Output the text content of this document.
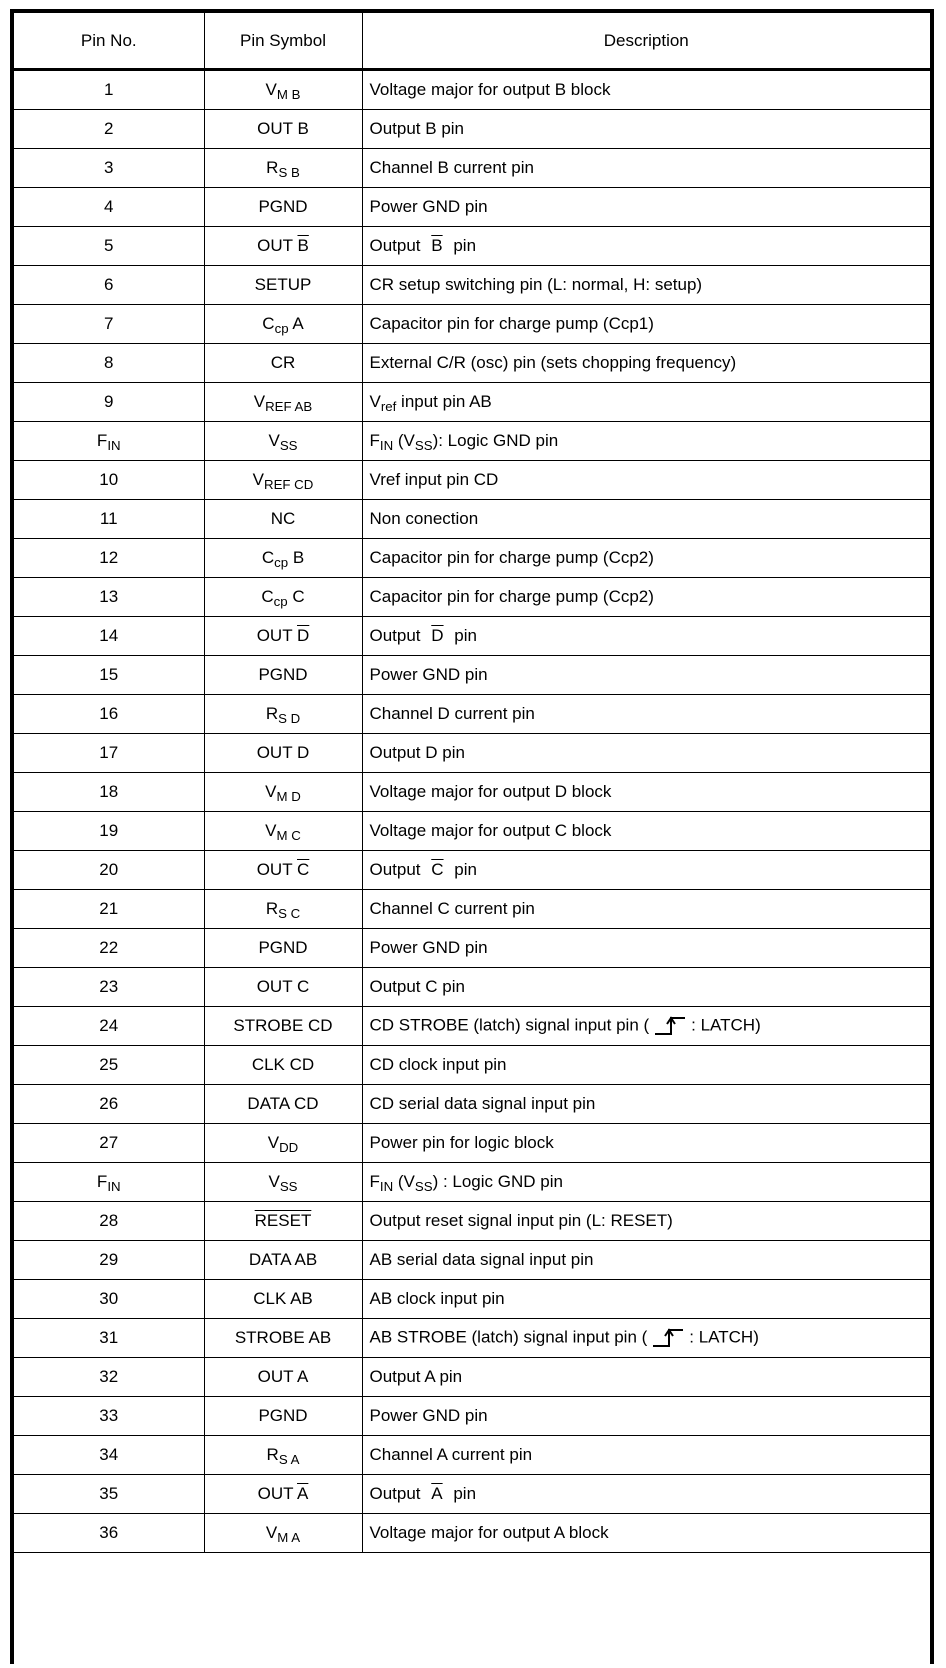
Pin No.	Pin Symbol	Description
1	$V_{M B}$	Voltage major for output B block
2	OUT B	Output B pin
3	$R_{S B}$	Channel B current pin
4	PGND	Power GND pin
5	OUT $\overline{B}$	Output $\overline{B}$ pin
6	SETUP	CR setup switching pin (L: normal, H: setup)
7	$C_{cp}$ A	Capacitor pin for charge pump (Ccp1)
8	CR	External C/R (osc) pin (sets chopping frequency)
9	$V_{REF AB}$	$V_{ref}$ input pin AB
$F_{IN}$	$V_{SS}$	$F_{IN}$ $(V_{SS})$: Logic GND pin
10	$V_{REF CD}$	Vref input pin CD
11	NC	Non conection
12	$C_{cp}$ B	Capacitor pin for charge pump (Ccp2)
13	$C_{cp}$ C	Capacitor pin for charge pump (Ccp2)
14	OUT $\overline{D}$	Output $\overline{D}$ pin
15	PGND	Power GND pin
16	$R_{S D}$	Channel D current pin
17	OUT D	Output D pin
18	$V_{M D}$	Voltage major for output D block
19	$V_{M C}$	Voltage major for output C block
20	OUT $\overline{C}$	Output $\overline{C}$ pin
21	$R_{S C}$	Channel C current pin
22	PGND	Power GND pin
23	OUT C	Output C pin
24	STROBE CD	CD STROBE (latch) signal input pin ( : LATCH)
25	CLK CD	CD clock input pin
26	DATA CD	CD serial data signal input pin
27	$V_{DD}$	Power pin for logic block
$F_{IN}$	$V_{SS}$	$F_{IN}$ $(V_{SS})$ : Logic GND pin
28	RESET	Output reset signal input pin (L: RESET)
29	DATA AB	AB serial data signal input pin
30	CLK AB	AB clock input pin
31	STROBE AB	AB STROBE (latch) signal input pin ( : LATCH)
32	OUT A	Output A pin
33	PGND	Power GND pin
34	$R_{S A}$	Channel A current pin
35	OUT $\overline{A}$	Output $\overline{A}$ pin
36	$V_{M A}$	Voltage major for output A block
